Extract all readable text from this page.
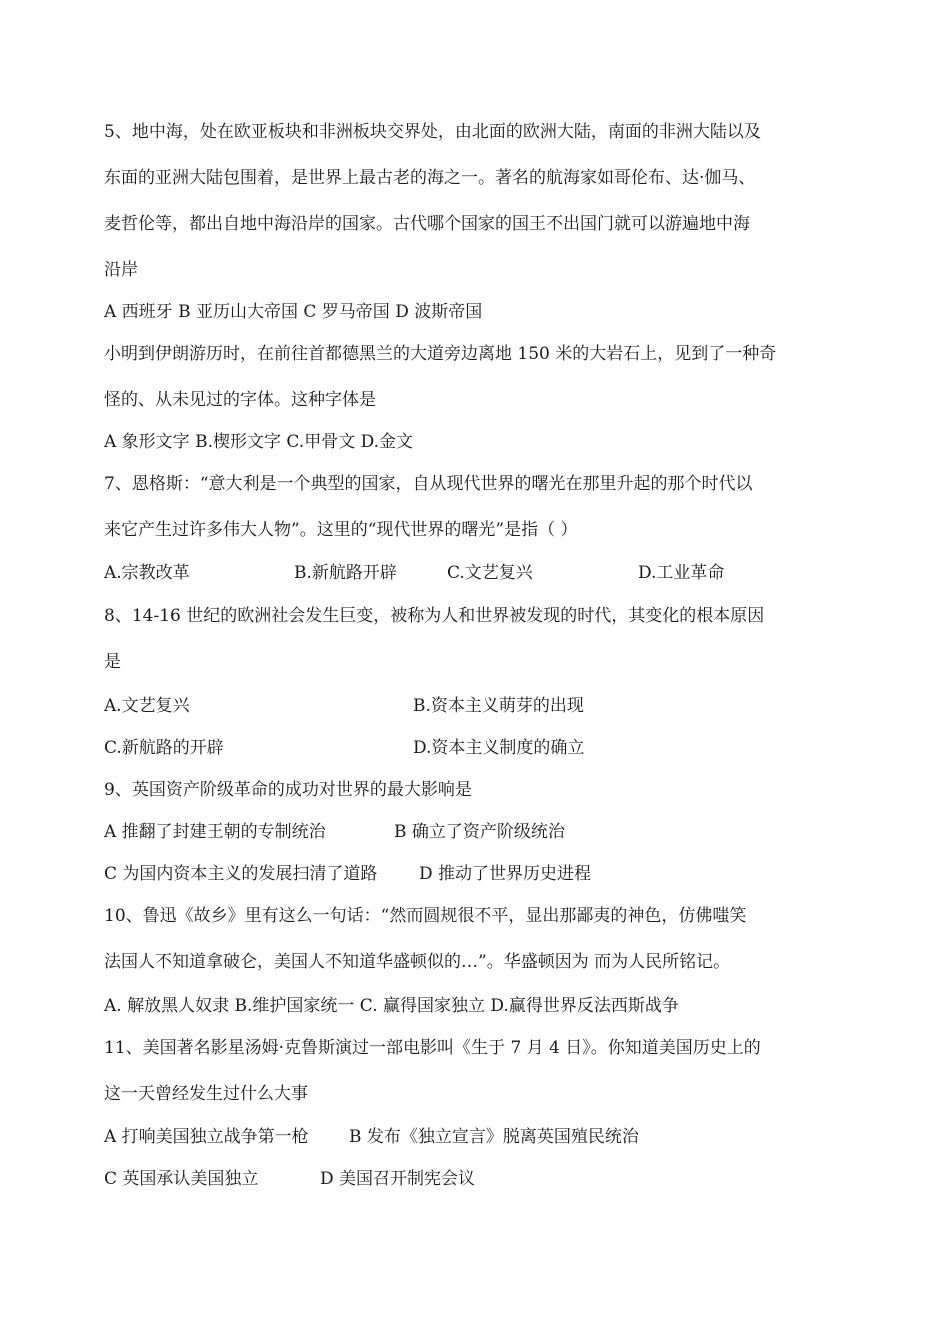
5、地中海，处在欧亚板块和非洲板块交界处，由北面的欧洲大陆，南面的非洲大陆以及
东面的亚洲大陆包围着，是世界上最古老的海之一。著名的航海家如哥伦布、达·伽马、
麦哲伦等，都出自地中海沿岸的国家。古代哪个国家的国王不出国门就可以游遍地中海
沿岸
A 西班牙 B 亚历山大帝国 C 罗马帝国 D 波斯帝国
小明到伊朗游历时，在前往首都德黑兰的大道旁边离地 150 米的大岩石上，见到了一种奇
怪的、从未见过的字体。这种字体是
A 象形文字 B.楔形文字 C.甲骨文 D.金文
7、恩格斯：“意大利是一个典型的国家，自从现代世界的曙光在那里升起的那个时代以
来它产生过许多伟大人物”。这里的“现代世界的曙光”是指（ ）
A.宗教改革	B.新航路开辟	C.文艺复兴	D.工业革命
8、14-16 世纪的欧洲社会发生巨变，被称为人和世界被发现的时代，其变化的根本原因
是
A.文艺复兴	B.资本主义萌芽的出现
C.新航路的开辟	D.资本主义制度的确立
9、英国资产阶级革命的成功对世界的最大影响是
A 推翻了封建王朝的专制统治	B 确立了资产阶级统治
C 为国内资本主义的发展扫清了道路 D 推动了世界历史进程
10、鲁迅《故乡》里有这么一句话：“然而圆规很不平，显出那鄙夷的神色，仿佛嗤笑
法国人不知道拿破仑，美国人不知道华盛顿似的…”。华盛顿因为 而为人民所铭记。
A. 解放黑人奴隶 B.维护国家统一 C. 赢得国家独立 D.赢得世界反法西斯战争
11、美国著名影星汤姆·克鲁斯演过一部电影叫《生于 7 月 4 日》。你知道美国历史上的
这一天曾经发生过什么大事
A 打响美国独立战争第一枪 B 发布《独立宣言》脱离英国殖民统治
C 英国承认美国独立	D 美国召开制宪会议
